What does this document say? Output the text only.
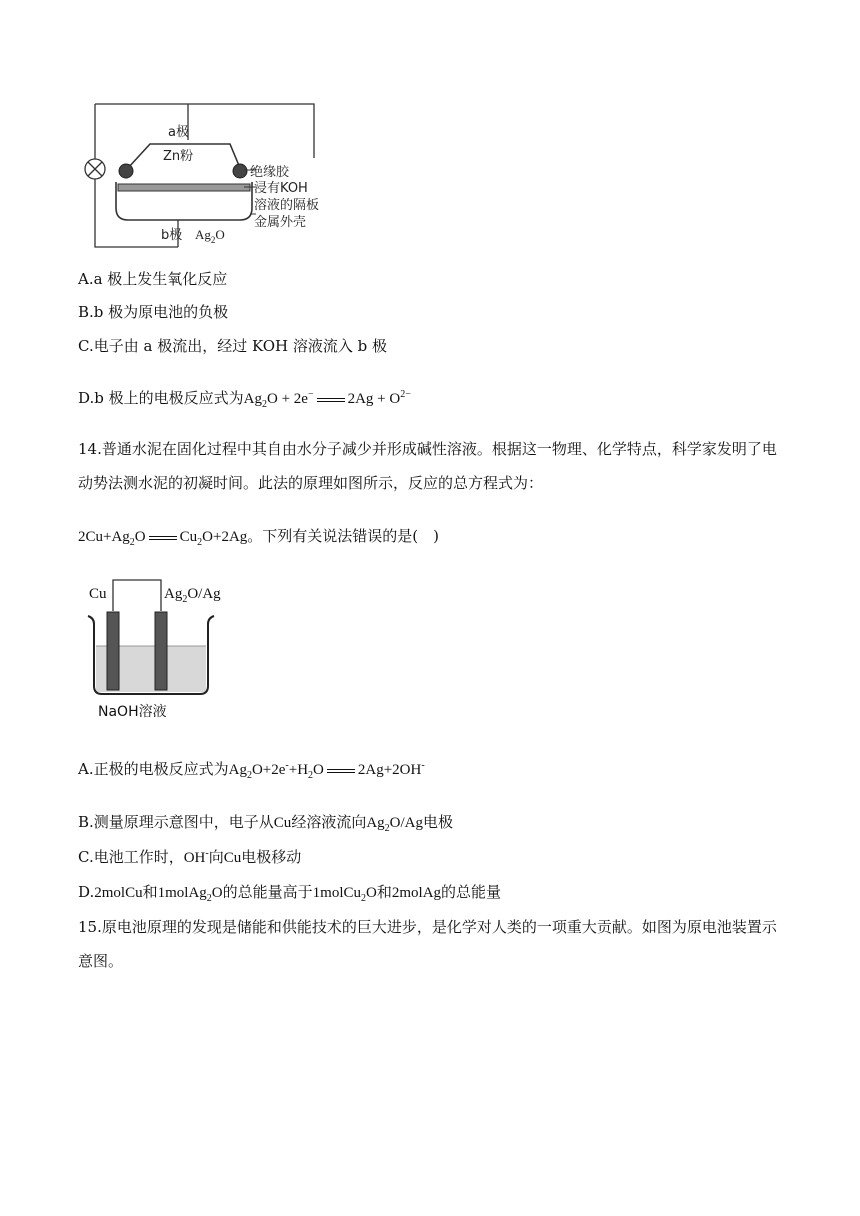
a极
Zn粉
绝缘胶
浸有KOH
溶液的隔板
金属外壳
b极 $Ag_2O$
A.a 极上发生氧化反应
B.b 极为原电池的负极
C.电子由 a 极流出，经过 KOH 溶液流入 b 极
D.b 极上的电极反应式为$Ag_2O + 2e^-$ $2Ag + O^{2-}$
14.普通水泥在固化过程中其自由水分子减少并形成碱性溶液。根据这一物理、化学特点，科学家发明了电动势法测水泥的初凝时间。此法的原理如图所示，反应的总方程式为：
$2Cu+Ag_2O$ $Cu_2O+2Ag$。下列有关说法错误的是(　)
Cu	$Ag_2O/Ag$
NaOH溶液
A.正极的电极反应式为$Ag_2O+2e^-+H_2O$ 2Ag+2OH-
B.测量原理示意图中，电子从Cu经溶液流向$Ag_2O/Ag$电极
C.电池工作时，OH-向Cu电极移动
D.2molCu和1molAg$_2$O的总能量高于1molCu$_2$O和2molAg的总能量
15.原电池原理的发现是储能和供能技术的巨大进步，是化学对人类的一项重大贡献。如图为原电池装置示意图。
